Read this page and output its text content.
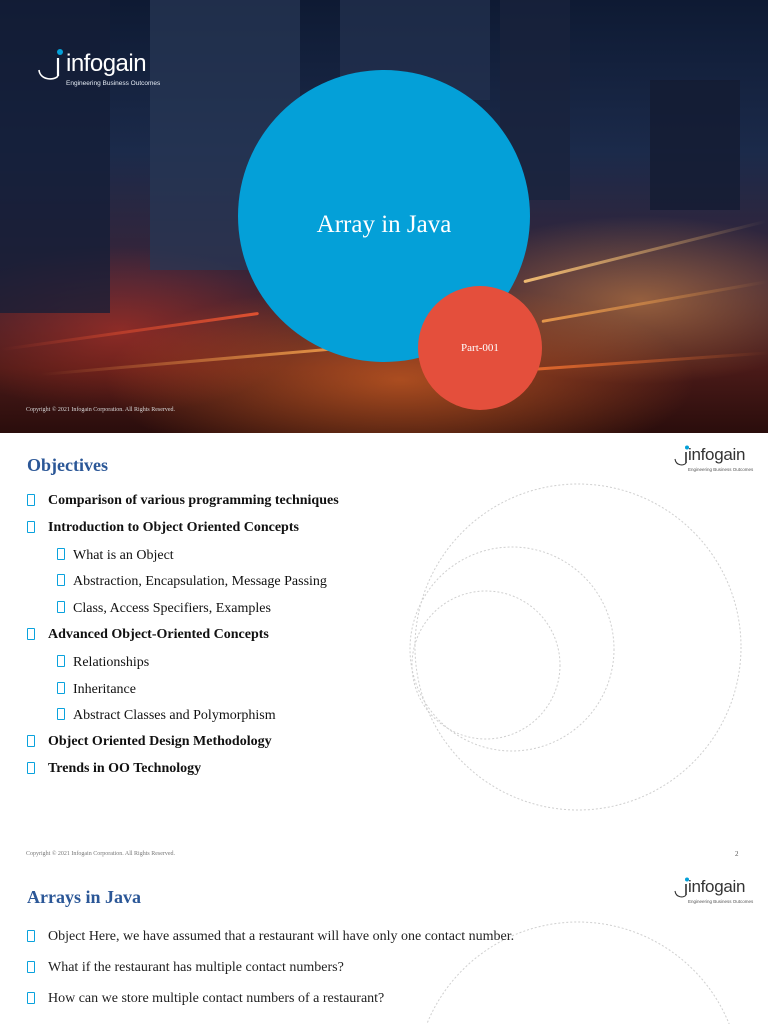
infogain
Engineering Business Outcomes
Array in Java
Part-001
Copyright © 2021 Infogain Corporation. All Rights Reserved.
Objectives
infogain
Engineering Business Outcomes
Comparison of various programming techniques
Introduction to Object Oriented Concepts
What is an Object
Abstraction, Encapsulation, Message Passing
Class, Access Specifiers, Examples
Advanced Object-Oriented Concepts
Relationships
Inheritance
Abstract Classes and Polymorphism
Object Oriented Design Methodology
Trends in OO Technology
Copyright © 2021 Infogain Corporation. All Rights Reserved.	2
Arrays in Java
infogain
Engineering Business Outcomes
Object Here, we have assumed that a restaurant will have only one contact number.
What if the restaurant has multiple contact numbers?
How can we store multiple contact numbers of a restaurant?
